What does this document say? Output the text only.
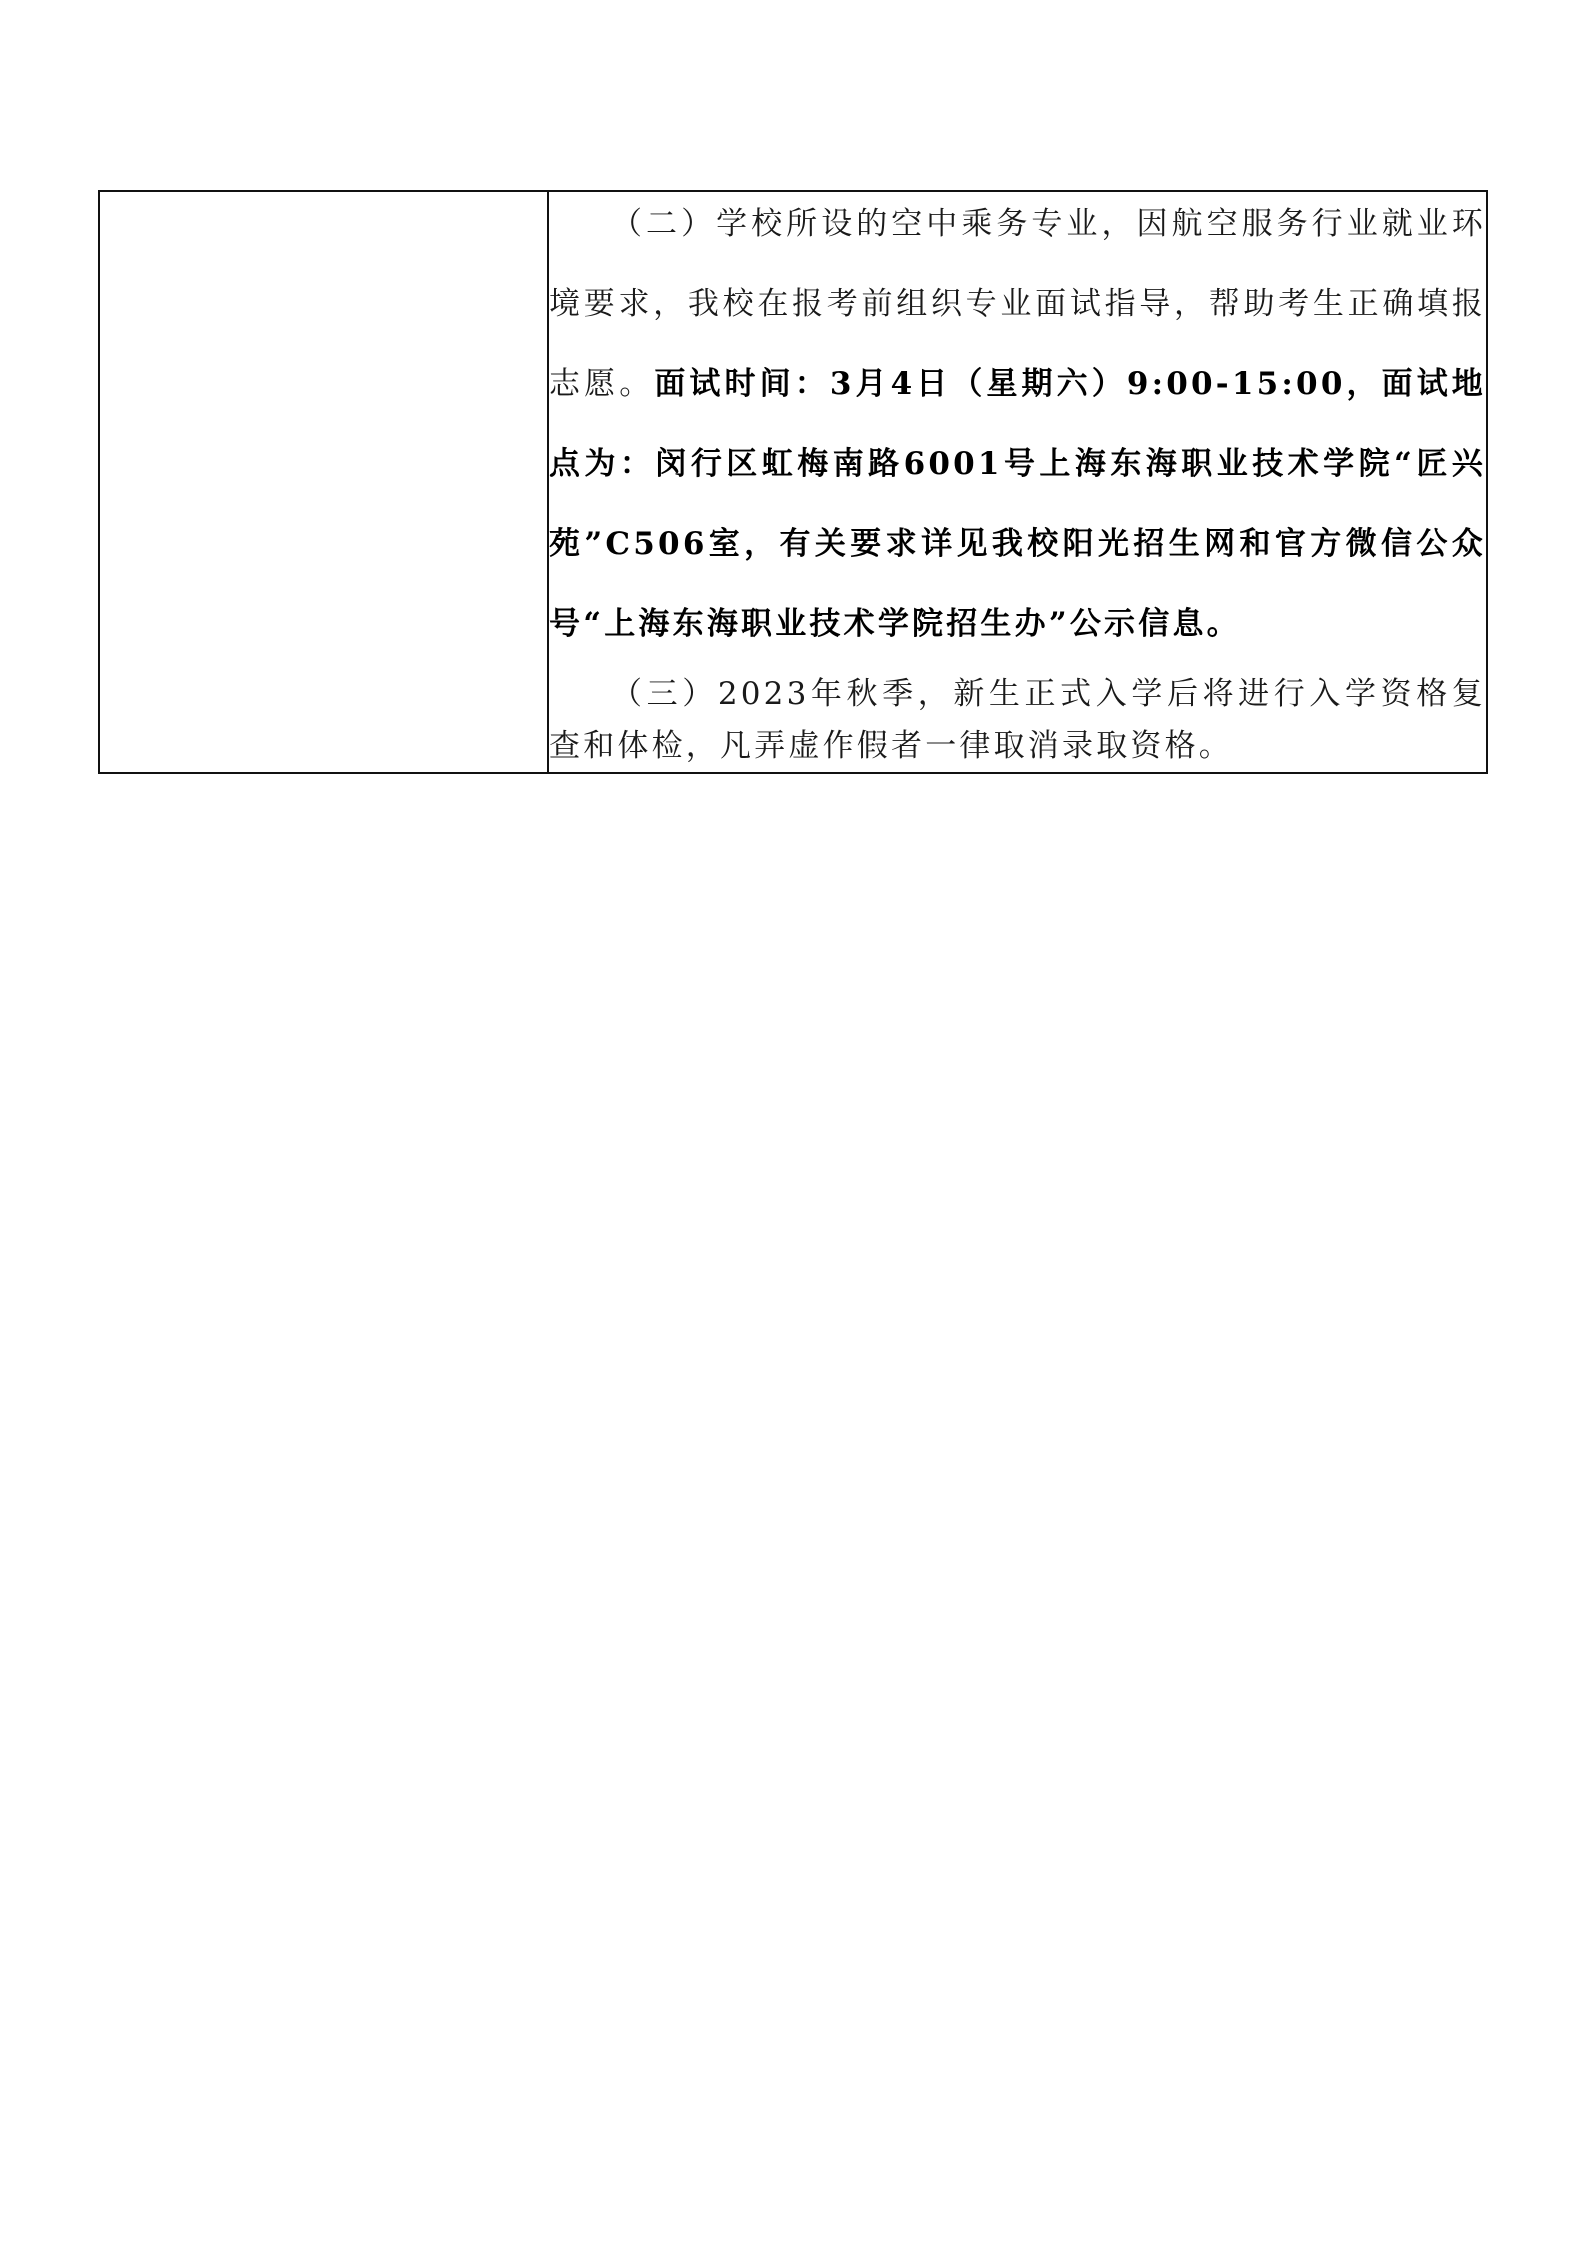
（二）学校所设的空中乘务专业，因航空服务行业就业环境要求，我校在报考前组织专业面试指导，帮助考生正确填报志愿。面试时间：3月4日（星期六）9:00-15:00，面试地点为：闵行区虹梅南路6001号上海东海职业技术学院“匠兴苑”C506室，有关要求详见我校阳光招生网和官方微信公众号“上海东海职业技术学院招生办”公示信息。

（三）2023年秋季，新生正式入学后将进行入学资格复查和体检，凡弄虚作假者一律取消录取资格。
